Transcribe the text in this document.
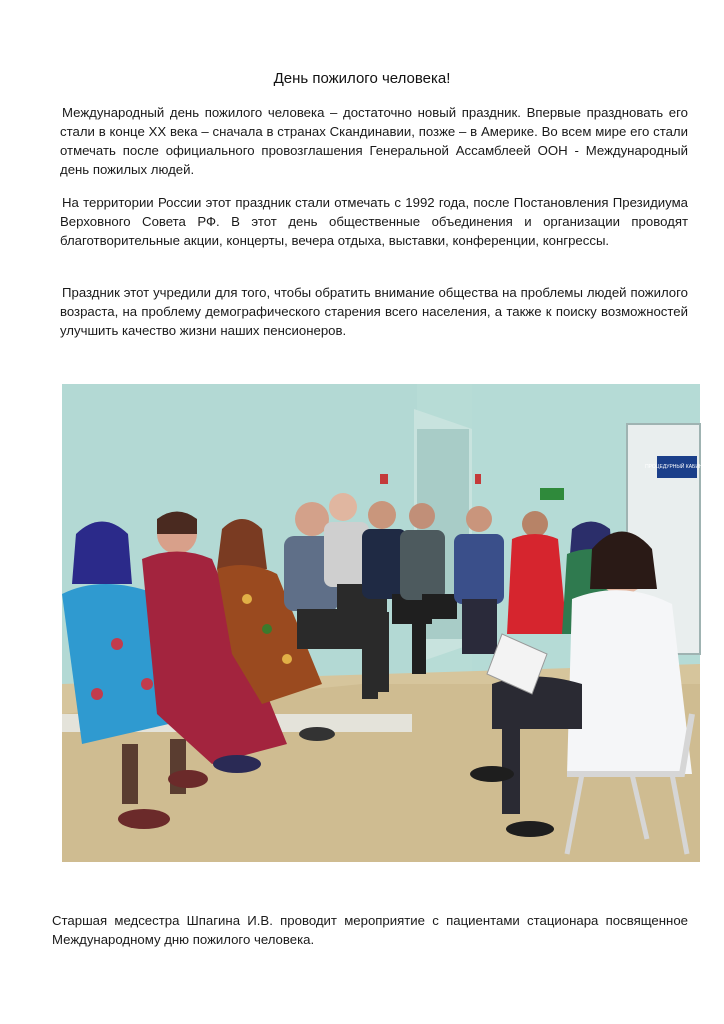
День пожилого человека!

Международный день пожилого человека – достаточно новый праздник. Впервые праздновать его стали в конце XX века – сначала в странах Скандинавии, позже – в Америке. Во всем мире его стали отмечать после официального провозглашения Генеральной Ассамблеей ООН - Международный день пожилых людей.

На территории России этот праздник стали отмечать с 1992 года, после Постановления Президиума Верховного Совета РФ. В этот день общественные объединения и организации проводят благотворительные акции, концерты, вечера отдыха, выставки, конференции, конгрессы.

Праздник этот учредили для того, чтобы обратить внимание общества на проблемы людей пожилого возраста, на проблему демографического старения всего населения, а также к поиску возможностей улучшить качество жизни наших пенсионеров.

ПРОЦЕДУРНЫЙ КАБИНЕТ
Старшая медсестра Шпагина И.В. проводит мероприятие с пациентами стационара посвященное Международному дню пожилого человека.
